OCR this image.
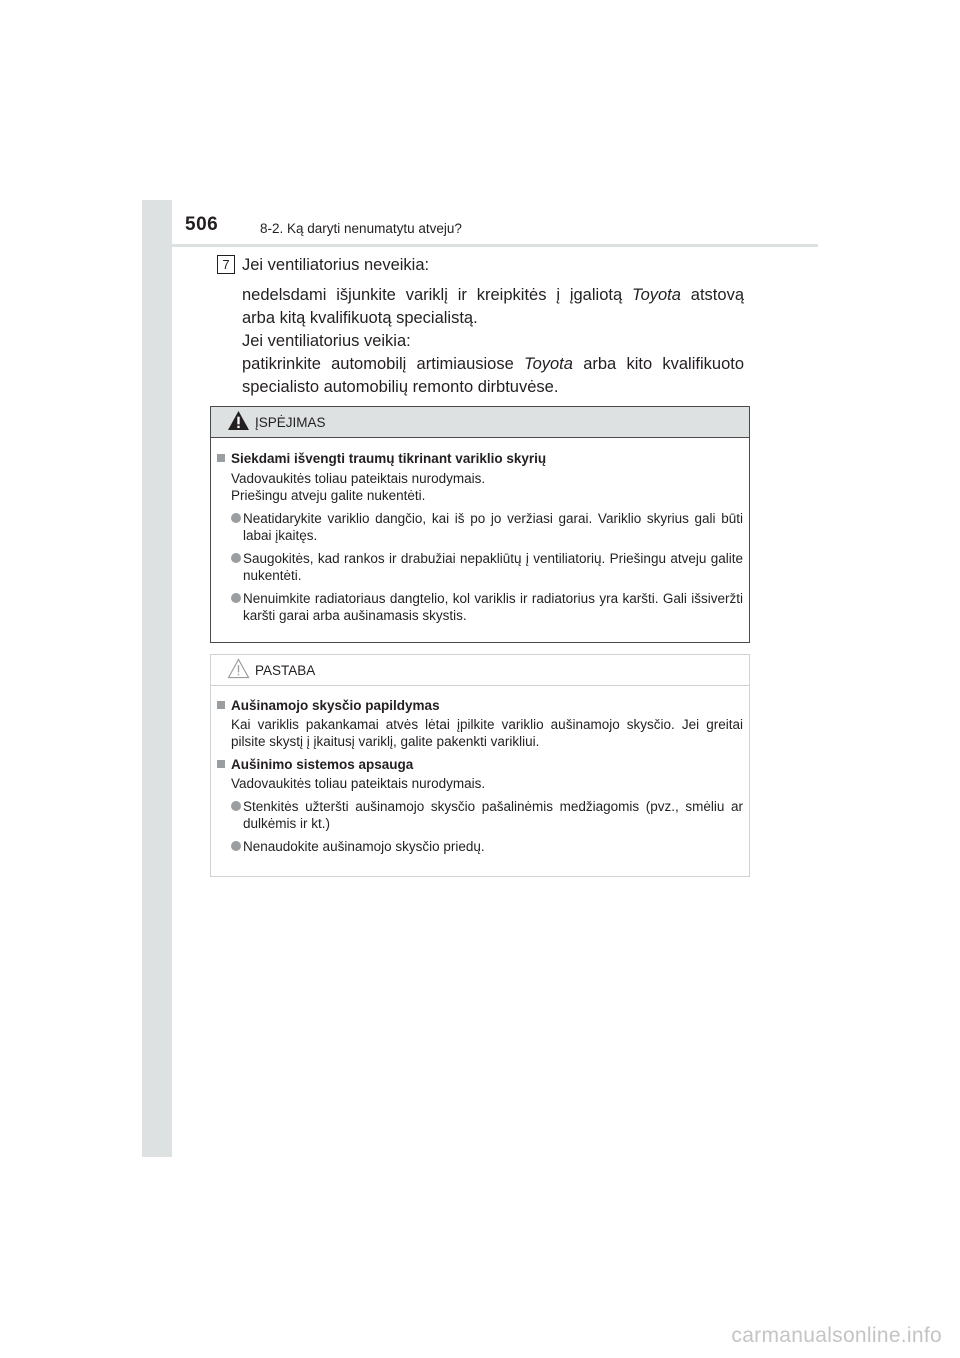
506	8-2. Ką daryti nenumatytu atveju?
7 Jei ventiliatorius neveikia:

nedelsdami išjunkite variklį ir kreipkitės į įgaliotą Toyota atstovą

arba kitą kvalifikuotą specialistą.

Jei ventiliatorius veikia:

patikrinkite automobilį artimiausiose Toyota arba kito kvalifikuoto

specialisto automobilių remonto dirbtuvėse.

ĮSPĖJIMAS
Siekdami išvengti traumų tikrinant variklio skyrių
Vadovaukitės toliau pateiktais nurodymais.
Priešingu atveju galite nukentėti.
Neatidarykite variklio dangčio, kai iš po jo veržiasi garai. Variklio skyrius gali būti labai įkaitęs.
Saugokitės, kad rankos ir drabužiai nepakliūtų į ventiliatorių. Priešingu atveju galite nukentėti.
Nenuimkite radiatoriaus dangtelio, kol variklis ir radiatorius yra karšti. Gali išsiveržti karšti garai arba aušinamasis skystis.
PASTABA
Aušinamojo skysčio papildymas
Kai variklis pakankamai atvės lėtai įpilkite variklio aušinamojo skysčio. Jei greitai pilsite skystį į įkaitusį variklį, galite pakenkti varikliui.
Aušinimo sistemos apsauga
Vadovaukitės toliau pateiktais nurodymais.
Stenkitės užteršti aušinamojo skysčio pašalinėmis medžiagomis (pvz., smėliu ar dulkėmis ir kt.)
Nenaudokite aušinamojo skysčio priedų.
carmanualsonline.info
